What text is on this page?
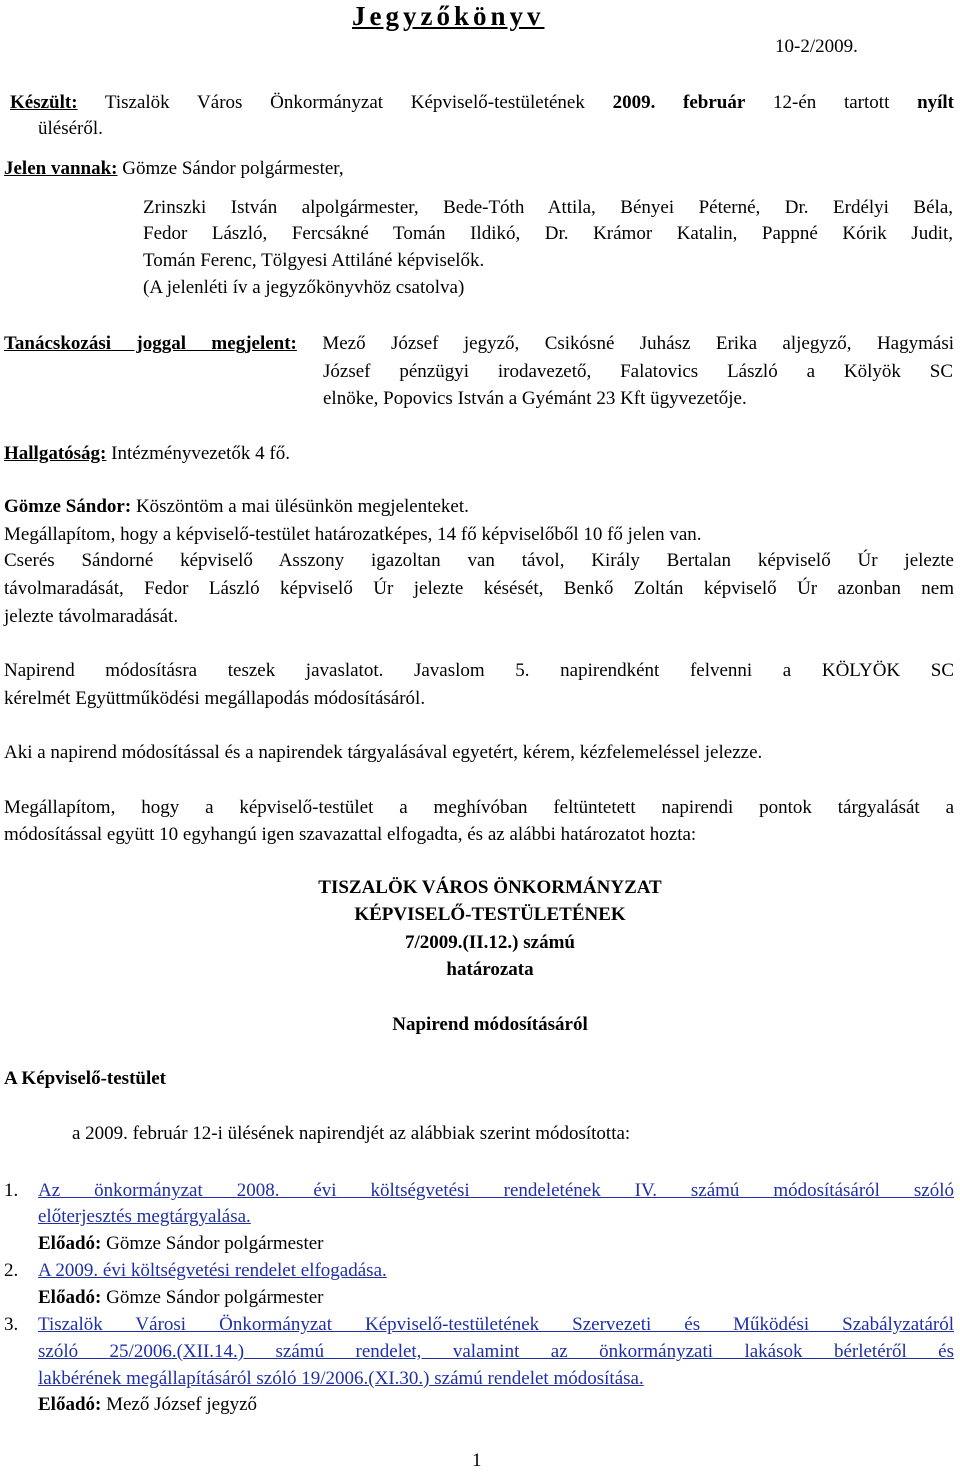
Jegyzőkönyv
10-2/2009.
Készült: Tiszalök Város Önkormányzat Képviselő-testületének 2009. február 12-én tartott nyílt
üléséről.
Jelen vannak: Gömze Sándor polgármester,
Zrinszki István alpolgármester, Bede-Tóth Attila, Bényei Péterné, Dr. Erdélyi Béla,
Fedor László, Fercsákné Tomán Ildikó, Dr. Krámor Katalin, Pappné Kórik Judit,
Tomán Ferenc, Tölgyesi Attiláné képviselők.
(A jelenléti ív a jegyzőkönyvhöz csatolva)
Tanácskozási joggal megjelent: Mező József jegyző, Csikósné Juhász Erika aljegyző, Hagymási
József pénzügyi irodavezető, Falatovics László a Kölyök SC
elnöke, Popovics István a Gyémánt 23 Kft ügyvezetője.
Hallgatóság: Intézményvezetők 4 fő.
Gömze Sándor: Köszöntöm a mai ülésünkön megjelenteket.
Megállapítom, hogy a képviselő-testület határozatképes, 14 fő képviselőből 10 fő jelen van.
Cserés Sándorné képviselő Asszony igazoltan van távol, Király Bertalan képviselő Úr jelezte
távolmaradását, Fedor László képviselő Úr jelezte késését, Benkő Zoltán képviselő Úr azonban nem
jelezte távolmaradását.
Napirend módosításra teszek javaslatot. Javaslom 5. napirendként felvenni a KÖLYÖK SC
kérelmét Együttműködési megállapodás módosításáról.
Aki a napirend módosítással és a napirendek tárgyalásával egyetért, kérem, kézfelemeléssel jelezze.
Megállapítom, hogy a képviselő-testület a meghívóban feltüntetett napirendi pontok tárgyalását a
módosítással együtt 10 egyhangú igen szavazattal elfogadta, és az alábbi határozatot hozta:
TISZALÖK VÁROS ÖNKORMÁNYZAT
KÉPVISELŐ-TESTÜLETÉNEK
7/2009.(II.12.) számú
határozata
Napirend módosításáról
A Képviselő-testület
a 2009. február 12-i ülésének napirendjét az alábbiak szerint módosította:
1. Az önkormányzat 2008. évi költségvetési rendeletének IV. számú módosításáról szóló
előterjesztés megtárgyalása.
Előadó: Gömze Sándor polgármester
2. A 2009. évi költségvetési rendelet elfogadása.
Előadó: Gömze Sándor polgármester
3. Tiszalök Városi Önkormányzat Képviselő-testületének Szervezeti és Működési Szabályzatáról
szóló 25/2006.(XII.14.) számú rendelet, valamint az önkormányzati lakások bérletéről és
lakbérének megállapításáról szóló 19/2006.(XI.30.) számú rendelet módosítása.
Előadó: Mező József jegyző
1
